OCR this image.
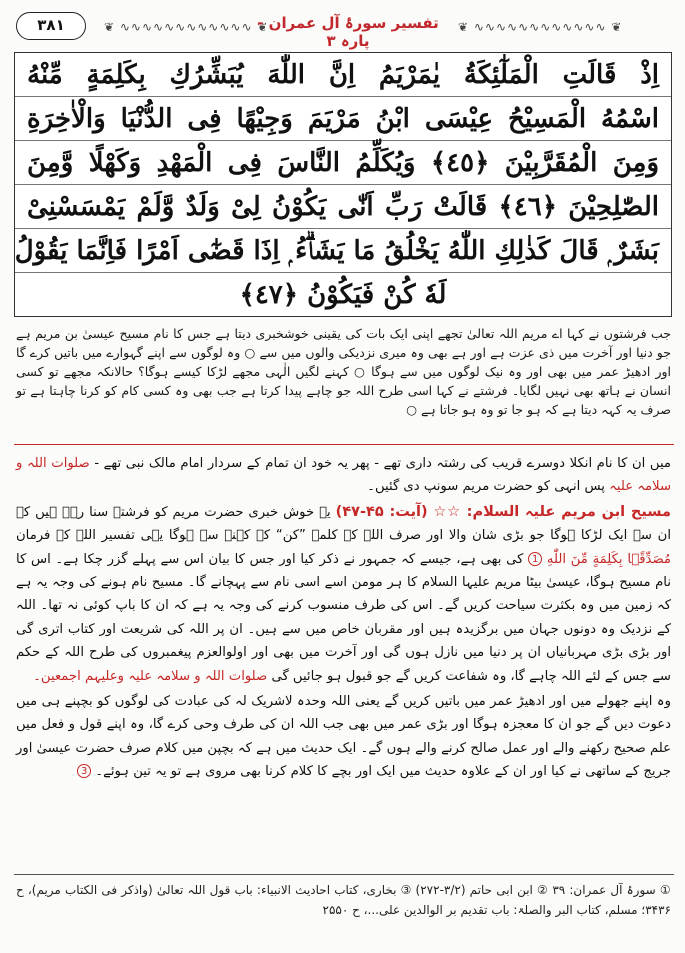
۳۸۱	❦ ∿∿∿∿∿∿∿∿∿∿∿∿ ❦
تفسیر سورۂ آل عمران - پارہ ۳
❦ ∿∿∿∿∿∿∿∿∿∿∿∿ ❦
اِذْ قَالَتِ الْمَلٰٓئِكَةُ يٰمَرْيَمُ اِنَّ اللّٰهَ يُبَشِّرُكِ بِكَلِمَةٍ مِّنْهُ
اسْمُهُ الْمَسِيْحُ عِيْسَى ابْنُ مَرْيَمَ وَجِيْهًا فِى الدُّنْيَا وَالْاٰخِرَةِ
وَمِنَ الْمُقَرَّبِيْنَ ﴿٤٥﴾ وَيُكَلِّمُ النَّاسَ فِى الْمَهْدِ وَكَهْلًا وَّمِنَ
الصّٰلِحِيْنَ ﴿٤٦﴾ قَالَتْ رَبِّ اَنّٰى يَكُوْنُ لِىْ وَلَدٌ وَّلَمْ يَمْسَسْنِىْ
بَشَرٌ ۭ قَالَ كَذٰلِكِ اللّٰهُ يَخْلُقُ مَا يَشَاۗءُ ۭ اِذَا قَضٰٓى اَمْرًا فَاِنَّمَا يَقُوْلُ
لَهٗ كُنْ فَيَكُوْنُ ﴿٤٧﴾
جب فرشتوں نے کہا اے مریم اللہ تعالیٰ تجھے اپنی ایک بات کی یقینی خوشخبری دیتا ہے جس کا نام مسیح عیسیٰ بن مریم ہے جو دنیا اور آخرت میں ذی عزت ہے اور ہے بھی وہ میری نزدیکی والوں میں سے ○ وہ لوگوں سے اپنے گہوارے میں باتیں کرے گا اور ادھیڑ عمر میں بھی اور وہ نیک لوگوں میں سے ہوگا ○ کہنے لگیں الٰہی مجھے لڑکا کیسے ہوگا؟ حالانکہ مجھے تو کسی انسان نے ہاتھ بھی نہیں لگایا۔ فرشتے نے کہا اسی طرح اللہ جو چاہے پیدا کرتا ہے جب بھی وہ کسی کام کو کرنا چاہتا ہے تو صرف یہ کہہ دیتا ہے کہ ہو جا تو وہ ہو جاتا ہے ○

میں ان کا نام انکلا دوسرے قریب کی رشتہ داری تھے - پھر یہ خود ان تمام کے سردار امام مالک نبی تھے - صلوات اللہ و سلامہ علیہ پس انہی کو حضرت مریم سونپ دی گئیں۔

مسیح ابن مریم علیہ السلام: ☆☆ (آیت: ۴۵-۴۷) یہ خوش خبری حضرت مریم کو فرشتے سنا رہے ہیں کہ ان سے ایک لڑکا ہوگا جو بڑی شان والا اور صرف اللہ کے کلمہ ”کن“ کے کہنے سے ہوگا یہی تفسیر اللہ کے فرمان مُصَدِّقًۢا بِكَلِمَةٍ مِّنَ اللّٰهِ 1 کی بھی ہے، جیسے کہ جمہور نے ذکر کیا اور جس کا بیان اس سے پہلے گزر چکا ہے۔ اس کا نام مسیح ہوگا، عیسیٰ بیٹا مریم علیہا السلام کا ہر مومن اسے اسی نام سے پہچانے گا۔ مسیح نام ہونے کی وجہ یہ ہے کہ زمین میں وہ بکثرت سیاحت کریں گے۔ اس کی طرف منسوب کرنے کی وجہ یہ ہے کہ ان کا باپ کوئی نہ تھا۔ اللہ کے نزدیک وہ دونوں جہان میں برگزیدہ ہیں اور مقربان خاص میں سے ہیں۔ ان پر اللہ کی شریعت اور کتاب اتری گی اور بڑی بڑی مہربانیاں ان پر دنیا میں نازل ہوں گی اور آخرت میں بھی اور اولوالعزم پیغمبروں کی طرح اللہ کے حکم سے جس کے لئے اللہ چاہے گا، وہ شفاعت کریں گے جو قبول ہو جائیں گی صلوات اللہ و سلامہ علیہ وعلیہم اجمعین۔

وہ اپنے جھولے میں اور ادھیڑ عمر میں باتیں کریں گے یعنی اللہ وحدہ لاشریک لہ کی عبادت کی لوگوں کو بچپنے ہی میں دعوت دیں گے جو ان کا معجزہ ہوگا اور بڑی عمر میں بھی جب اللہ ان کی طرف وحی کرے گا، وہ اپنے قول و فعل میں علم صحیح رکھنے والے اور عمل صالح کرنے والے ہوں گے۔ ایک حدیث میں ہے کہ بچپن میں کلام صرف حضرت عیسیٰ اور جریج کے ساتھی نے کیا اور ان کے علاوہ حدیث میں ایک اور بچے کا کلام کرنا بھی مروی ہے تو یہ تین ہوئے۔ 3

① سورۂ آل عمران: ۳۹ ② ابن ابی حاتم (۳/۲-۲۷۲) ③ بخاری، کتاب احادیث الانبیاء: باب قول اللہ تعالیٰ (واذکر فی الکتاب مریم)، ح ۳۴۳۶؛ مسلم، کتاب البر والصلۃ: باب تقدیم بر الوالدین علی...، ح ۲۵۵۰
